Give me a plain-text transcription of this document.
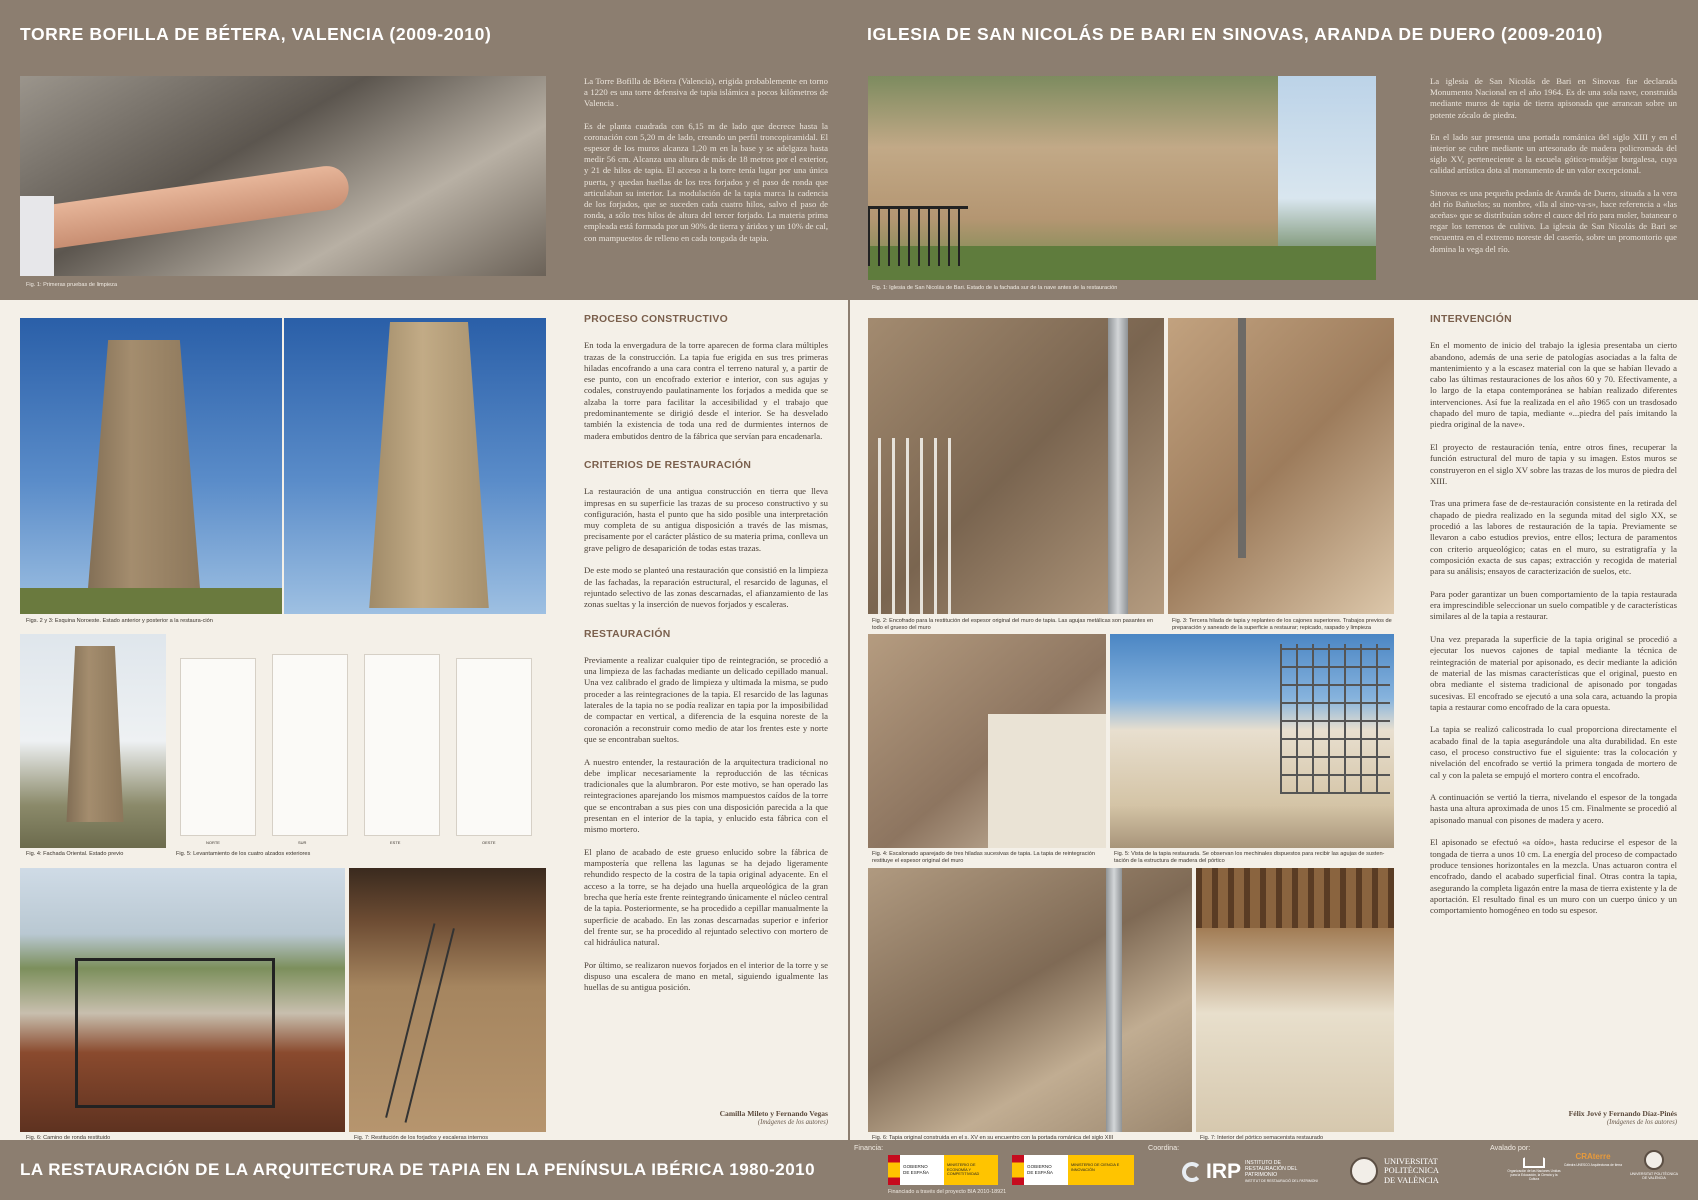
TORRE BOFILLA DE BÉTERA, VALENCIA (2009-2010)
Fig. 1: Primeras pruebas de limpieza

La Torre Bofilla de Bétera (Valencia), erigida probablemente en torno a 1220 es una torre defensiva de tapia islámica a pocos kilómetros de Valencia .

Es de planta cuadrada con 6,15 m de lado que decrece hasta la coronación con 5,20 m de lado, creando un perfil troncopiramidal. El espesor de los muros alcanza 1,20 m en la base y se adelgaza hasta medir 56 cm. Alcanza una altura de más de 18 metros por el exterior, y 21 de hilos de tapia. El acceso a la torre tenía lugar por una única puerta, y quedan huellas de los tres forjados y el paso de ronda que articulaban su interior. La modulación de la tapia marca la cadencia de los forjados, que se suceden cada cuatro hilos, salvo el paso de ronda, a sólo tres hilos de altura del tercer forjado. La materia prima empleada está formada por un 90% de tierra y áridos y un 10% de cal, con mampuestos de relleno en cada tongada de tapia.

IGLESIA DE SAN NICOLÁS DE BARI EN SINOVAS, ARANDA DE DUERO (2009-2010)
Fig. 1: Iglesia de San Nicolás de Bari. Estado de la fachada sur de la nave antes de la restauración

La iglesia de San Nicolás de Bari en Sinovas fue declarada Monumento Nacional en el año 1964. Es de una sola nave, construida mediante muros de tapia de tierra apisonada que arrancan sobre un potente zócalo de piedra.

En el lado sur presenta una portada románica del siglo XIII y en el interior se cubre mediante un artesonado de madera policromada del siglo XV, perteneciente a la escuela gótico-mudéjar burgalesa, cuya calidad artística dota al monumento de un valor excepcional.

Sinovas es una pequeña pedanía de Aranda de Duero, situada a la vera del río Bañuelos; su nombre, «Ila al sino-va-s», hace referencia a «las aceñas» que se distribuían sobre el cauce del río para moler, batanear o regar los terrenos de cultivo. La iglesia de San Nicolás de Bari se encuentra en el extremo noreste del caserío, sobre un promontorio que domina la vega del río.

Figs. 2 y 3: Esquina Noroeste. Estado anterior y posterior a la restaura-ción
Fig. 4: Fachada Oriental. Estado previo
NORTE	SUR	ESTE	OESTE
Fig. 5: Levantamiento de los cuatro alzados exteriores
Fig. 6: Camino de ronda restituido	Fig. 7: Restitución de los forjados y escaleras internos
PROCESO CONSTRUCTIVO

En toda la envergadura de la torre aparecen de forma clara múltiples trazas de la construcción. La tapia fue erigida en sus tres primeras hiladas encofrando a una cara contra el terreno natural y, a partir de ese punto, con un encofrado exterior e interior, con sus agujas y codales, construyendo paulatinamente los forjados a medida que se alzaba la torre para facilitar la accesibilidad y el trabajo que predominantemente se dirigió desde el interior. Se ha desvelado también la existencia de toda una red de durmientes internos de madera embutidos dentro de la fábrica que servían para encadenarla.

CRITERIOS DE RESTAURACIÓN

La restauración de una antigua construcción en tierra que lleva impresas en su superficie las trazas de su proceso constructivo y su configuración, hasta el punto que ha sido posible una interpretación muy completa de su antigua disposición a través de las mismas, precisamente por el carácter plástico de su materia prima, conlleva un grave peligro de desaparición de todas estas trazas.

De este modo se planteó una restauración que consistió en la limpieza de las fachadas, la reparación estructural, el resarcido de lagunas, el rejuntado selectivo de las zonas descarnadas, el afianzamiento de las zonas sueltas y la inserción de nuevos forjados y escaleras.

RESTAURACIÓN

Previamente a realizar cualquier tipo de reintegración, se procedió a una limpieza de las fachadas mediante un delicado cepillado manual. Una vez calibrado el grado de limpieza y ultimada la misma, se pudo proceder a las reintegraciones de la tapia. El resarcido de las lagunas laterales de la tapia no se podía realizar en tapia por la imposibilidad de compactar en vertical, a diferencia de la esquina noreste de la coronación a reconstruir como medio de atar los frentes este y norte que se encontraban sueltos.

A nuestro entender, la restauración de la arquitectura tradicional no debe implicar necesariamente la reproducción de las técnicas tradicionales que la alumbraron. Por este motivo, se han operado las reintegraciones aparejando los mismos mampuestos caídos de la torre que se encontraban a sus pies con una disposición parecida a la que presentan en el interior de la tapia, y enlucido esta fábrica con el mismo mortero.

El plano de acabado de este grueso enlucido sobre la fábrica de mampostería que rellena las lagunas se ha dejado ligeramente rehundido respecto de la costra de la tapia original adyacente. En el acceso a la torre, se ha dejado una huella arqueológica de la gran brecha que hería este frente reintegrando únicamente el núcleo central de la tapia. Posteriormente, se ha procedido a cepillar manualmente la superficie de acabado. En las zonas descarnadas superior e inferior del frente sur, se ha procedido al rejuntado selectivo con mortero de cal hidráulica natural.

Por último, se realizaron nuevos forjados en el interior de la torre y se dispuso una escalera de mano en metal, siguiendo igualmente las huellas de su antigua posición.

Camilla Mileto y Fernando Vegas
(Imágenes de los autores)
Fig. 2: Encofrado para la restitución del espesor original del muro de tapia. Las agujas metálicas son pasantes en todo el grueso del muro
Fig. 3: Tercera hilada de tapia y replanteo de los cajones superiores. Trabajos previos de preparación y saneado de la superficie a restaurar; repicado, raspado y limpieza
Fig. 4: Escalonado aparejado de tres hiladas sucesivas de tapia. La tapia de reintegración restituye el espesor original del muro
Fig. 5: Vista de la tapia restaurada. Se observan los mechinales dispuestos para recibir las agujas de susten-tación de la estructura de madera del pórtico
Fig. 6: Tapia original construida en el s. XV en su encuentro con la portada románica del siglo XIII	Fig. 7: Interior del pórtico semacenista restaurado
INTERVENCIÓN

En el momento de inicio del trabajo la iglesia presentaba un cierto abandono, además de una serie de patologías asociadas a la falta de mantenimiento y a la escasez material con la que se habían llevado a cabo las últimas restauraciones de los años 60 y 70. Efectivamente, a lo largo de la etapa contemporánea se habían realizado diferentes intervenciones. Así fue la realizada en el año 1965 con un trasdosado chapado del muro de tapia, mediante «...piedra del país imitando la piedra original de la nave».

El proyecto de restauración tenía, entre otros fines, recuperar la función estructural del muro de tapia y su imagen. Estos muros se construyeron en el siglo XV sobre las trazas de los muros de piedra del XIII.

Tras una primera fase de de-restauración consistente en la retirada del chapado de piedra realizado en la segunda mitad del siglo XX, se procedió a las labores de restauración de la tapia. Previamente se llevaron a cabo estudios previos, entre ellos; lectura de paramentos con criterio arqueológico; catas en el muro, su estratigrafía y la composición exacta de sus capas; extracción y recogida de material para su análisis; ensayos de caracterización de suelos, etc.

Para poder garantizar un buen comportamiento de la tapia restaurada era imprescindible seleccionar un suelo compatible y de características similares al de la tapia a restaurar.

Una vez preparada la superficie de la tapia original se procedió a ejecutar los nuevos cajones de tapial mediante la técnica de reintegración de material por apisonado, es decir mediante la adición de material de las mismas características que el original, puesto en obra mediante el sistema tradicional de apisonado por tongadas sucesivas. El encofrado se ejecutó a una sola cara, actuando la propia tapia a restaurar como encofrado de la cara opuesta.

La tapia se realizó calicostrada lo cual proporciona directamente el acabado final de la tapia asegurándole una alta durabilidad. En este caso, el proceso constructivo fue el siguiente: tras la colocación y nivelación del encofrado se vertió la primera tongada de mortero de cal y con la paleta se empujó el mortero contra el encofrado.

A continuación se vertió la tierra, nivelando el espesor de la tongada hasta una altura aproximada de unos 15 cm. Finalmente se procedió al apisonado manual con pisones de madera y acero.

El apisonado se efectuó «a oído», hasta reducirse el espesor de la tongada de tierra a unos 10 cm. La energía del proceso de compactado produce tensiones horizontales en la mezcla. Unas actuaron contra el encofrado, dando el acabado superficial final. Otras contra la tapia, asegurando la completa ligazón entre la masa de tierra existente y la de aportación. El resultado final es un muro con un cuerpo único y un comportamiento homogéneo en todo su espesor.

Félix Jové y Fernando Díaz-Pinés
(Imágenes de los autores)
LA RESTAURACIÓN DE LA ARQUITECTURA DE TAPIA EN LA PENÍNSULA IBÉRICA 1980-2010
Financia:	Coordina:	Avalado por:
GOBIERNO
DE ESPAÑA
MINISTERIO DE ECONOMÍA Y COMPETITIVIDAD
GOBIERNO
DE ESPAÑA
MINISTERIO DE CIENCIA E INNOVACIÓN
Financiado a través del proyecto BIA 2010-18921
IRP INSTITUTO DE
RESTAURACIÓN DEL
PATRIMONIO
INSTITUT DE RESTAURACIÓ DEL PATRIMONI
UNIVERSITAT
POLITÈCNICA
DE VALÈNCIA
Organización de las Naciones Unidas para la Educación, la Ciencia y la Cultura
CRAterre
Cátedra UNESCO Arquitecturas de tierra
UNIVERSITAT POLITÈCNICA DE VALÈNCIA
